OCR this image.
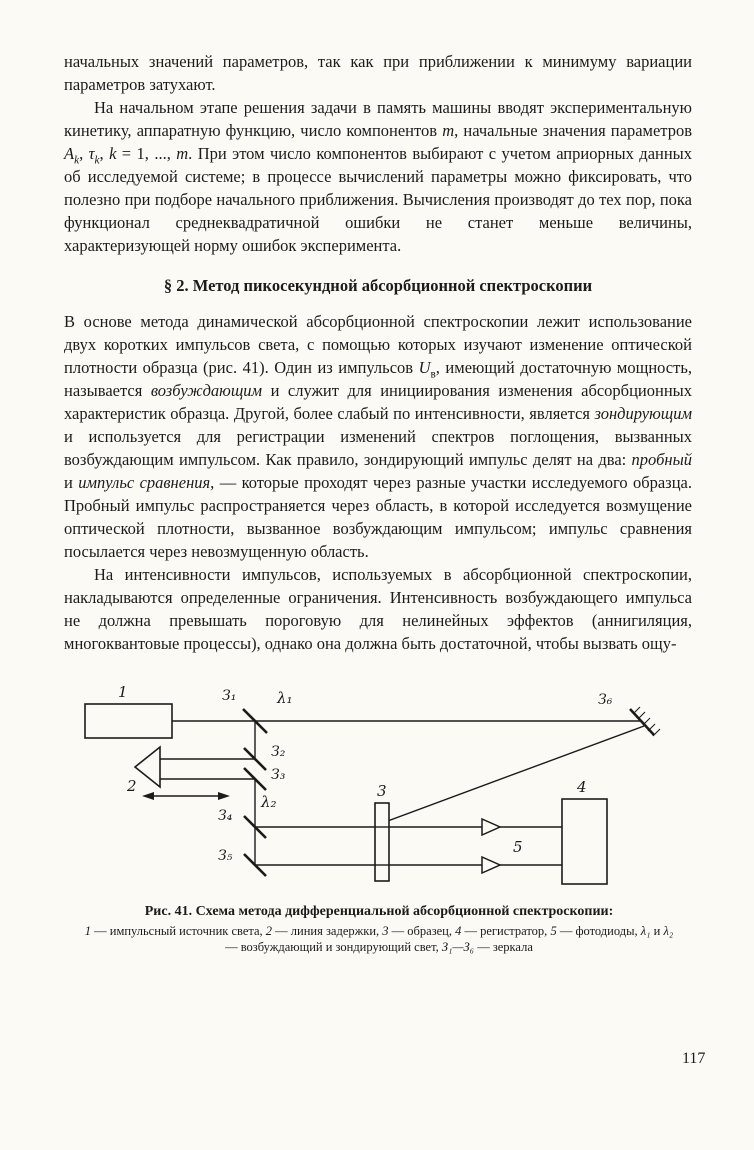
начальных значений параметров, так как при приближении к минимуму вариации параметров затухают.

На начальном этапе решения задачи в память машины вводят экспериментальную кинетику, аппаратную функцию, число компонентов m, начальные значения параметров $A_k$, $\tau_k$, k = 1, ..., m. При этом число компонентов выбирают с учетом априорных данных об исследуемой системе; в процессе вычислений параметры можно фиксировать, что полезно при подборе начального приближения. Вычисления производят до тех пор, пока функционал среднеквадратичной ошибки не станет меньше величины, характеризующей норму ошибок эксперимента.

§ 2. Метод пикосекундной абсорбционной спектроскопии

В основе метода динамической абсорбционной спектроскопии лежит использование двух коротких импульсов света, с помощью которых изучают изменение оптической плотности образца (рис. 41). Один из импульсов $U_в$, имеющий достаточную мощность, называется возбуждающим и служит для инициирования изменения абсорбционных характеристик образца. Другой, более слабый по интенсивности, является зондирующим и используется для регистрации изменений спектров поглощения, вызванных возбуждающим импульсом. Как правило, зондирующий импульс делят на два: пробный и импульс сравнения, — которые проходят через разные участки исследуемого образца. Пробный импульс распространяется через область, в которой исследуется возмущение оптической плотности, вызванное возбуждающим импульсом; импульс сравнения посылается через невозмущенную область.

На интенсивности импульсов, используемых в абсорбционной спектроскопии, накладываются определенные ограничения. Интенсивность возбуждающего импульса не должна превышать пороговую для нелинейных эффектов (аннигиляция, многоквантовые процессы), однако она должна быть достаточной, чтобы вызвать ощу-

1
2	3	4
5
З₁
З₂
З₃
З₄
З₅
З₆
λ₁
λ₂
Рис. 41. Схема метода дифференциальной абсорбционной спектроскопии:
1 — импульсный источник света, 2 — линия задержки, 3 — образец, 4 — регистратор, 5 — фотодиоды, λ₁ и λ₂ — возбуждающий и зондирующий свет, З₁—З₆ — зеркала
117
